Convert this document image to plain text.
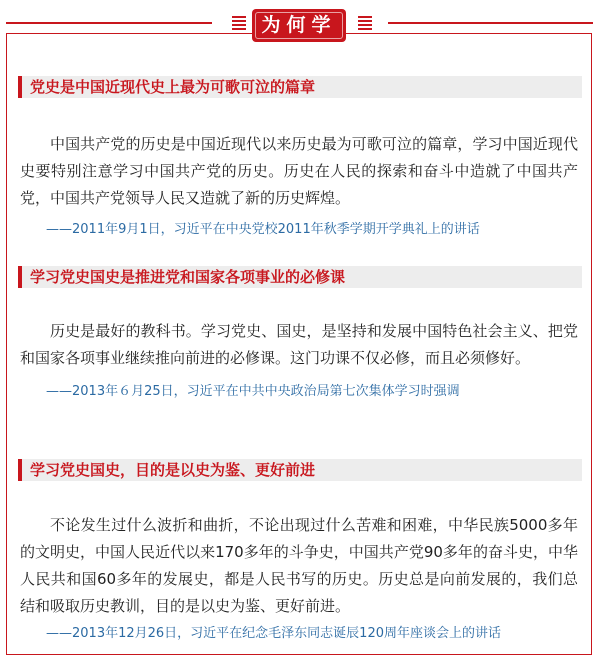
为何学
党史是中国近现代史上最为可歌可泣的篇章

中国共产党的历史是中国近现代以来历史最为可歌可泣的篇章，学习中国近现代史要特别注意学习中国共产党的历史。历史在人民的探索和奋斗中造就了中国共产党，中国共产党领导人民又造就了新的历史辉煌。

——2011年9月1日，习近平在中央党校2011年秋季学期开学典礼上的讲话
学习党史国史是推进党和国家各项事业的必修课

历史是最好的教科书。学习党史、国史，是坚持和发展中国特色社会主义、把党和国家各项事业继续推向前进的必修课。这门功课不仅必修，而且必须修好。

——2013年６月25日，习近平在中共中央政治局第七次集体学习时强调
学习党史国史，目的是以史为鉴、更好前进

不论发生过什么波折和曲折，不论出现过什么苦难和困难，中华民族5000多年的文明史，中国人民近代以来170多年的斗争史，中国共产党90多年的奋斗史，中华人民共和国60多年的发展史，都是人民书写的历史。历史总是向前发展的，我们总结和吸取历史教训，目的是以史为鉴、更好前进。

——2013年12月26日，习近平在纪念毛泽东同志诞辰120周年座谈会上的讲话
